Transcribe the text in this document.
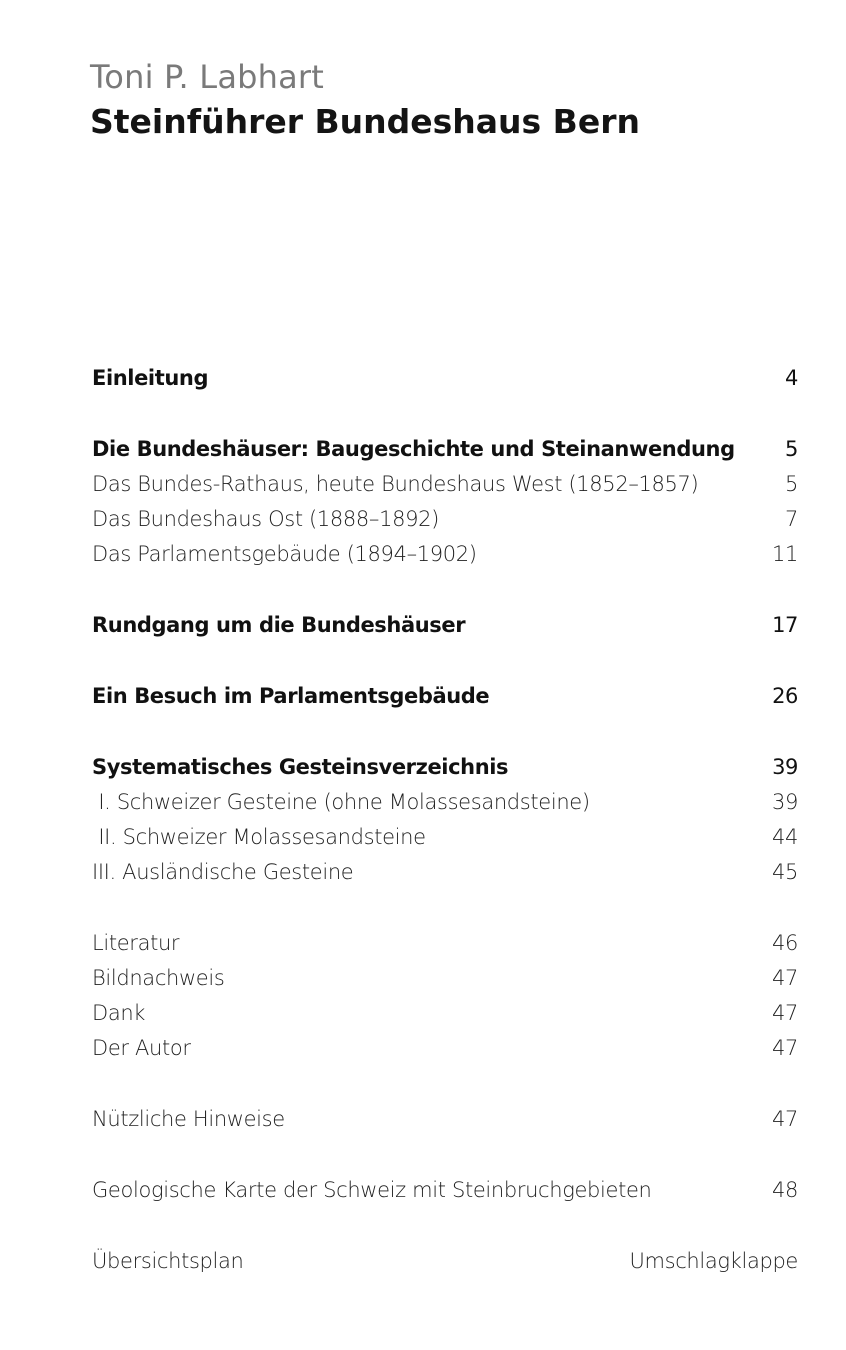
Toni P. Labhart
Steinführer Bundeshaus Bern
Einleitung	4
Die Bundeshäuser: Baugeschichte und Steinanwendung 5
Das Bundes-Rathaus, heute Bundeshaus West (1852–1857)	5
Das Bundeshaus Ost (1888–1892)	7
Das Parlamentsgebäude (1894–1902)	11
Rundgang um die Bundeshäuser	17
Ein Besuch im Parlamentsgebäude	26
Systematisches Gesteinsverzeichnis	39
I. Schweizer Gesteine (ohne Molassesandsteine)	39
II. Schweizer Molassesandsteine	44
III. Ausländische Gesteine	45
Literatur	46
Bildnachweis	47
Dank	47
Der Autor	47
Nützliche Hinweise	47
Geologische Karte der Schweiz mit Steinbruchgebieten	48
Übersichtsplan	Umschlagklappe
